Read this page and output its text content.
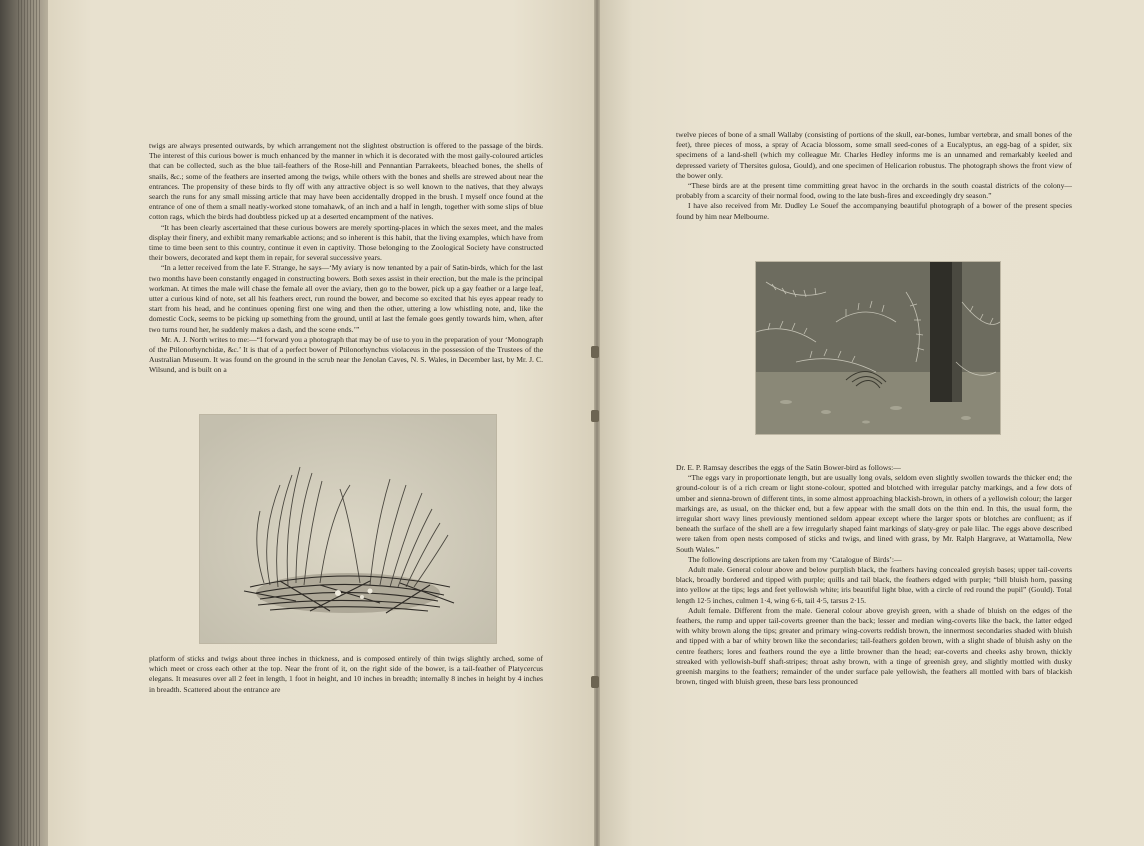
twigs are always presented outwards, by which arrangement not the slightest obstruction is offered to the passage of the birds. The interest of this curious bower is much enhanced by the manner in which it is decorated with the most gaily-coloured articles that can be collected, such as the blue tail-feathers of the Rose-hill and Pennantian Parrakeets, bleached bones, the shells of snails, &c.; some of the feathers are inserted among the twigs, while others with the bones and shells are strewed about near the entrances. The propensity of these birds to fly off with any attractive object is so well known to the natives, that they always search the runs for any small missing article that may have been accidentally dropped in the brush. I myself once found at the entrance of one of them a small neatly-worked stone tomahawk, of an inch and a half in length, together with some slips of blue cotton rags, which the birds had doubtless picked up at a deserted encampment of the natives.

“It has been clearly ascertained that these curious bowers are merely sporting-places in which the sexes meet, and the males display their finery, and exhibit many remarkable actions; and so inherent is this habit, that the living examples, which have from time to time been sent to this country, continue it even in captivity. Those belonging to the Zoological Society have constructed their bowers, decorated and kept them in repair, for several successive years.

“In a letter received from the late F. Strange, he says—‘My aviary is now tenanted by a pair of Satin-birds, which for the last two months have been constantly engaged in constructing bowers. Both sexes assist in their erection, but the male is the principal workman. At times the male will chase the female all over the aviary, then go to the bower, pick up a gay feather or a large leaf, utter a curious kind of note, set all his feathers erect, run round the bower, and become so excited that his eyes appear ready to start from his head, and he continues opening first one wing and then the other, uttering a low whistling note, and, like the domestic Cock, seems to be picking up something from the ground, until at last the female goes gently towards him, when, after two turns round her, he suddenly makes a dash, and the scene ends.’”

Mr. A. J. North writes to me:—“I forward you a photograph that may be of use to you in the preparation of your ‘Monograph of the Ptilonorhynchidæ, &c.’ It is that of a perfect bower of Ptilonorhynchus violaceus in the possession of the Trustees of the Australian Museum. It was found on the ground in the scrub near the Jenolan Caves, N. S. Wales, in December last, by Mr. J. C. Wilsund, and is built on a

platform of sticks and twigs about three inches in thickness, and is composed entirely of thin twigs slightly arched, some of which meet or cross each other at the top. Near the front of it, on the right side of the bower, is a tail-feather of Platycercus elegans. It measures over all 2 feet in length, 1 foot in height, and 10 inches in breadth; internally 8 inches in height by 4 inches in breadth. Scattered about the entrance are

twelve pieces of bone of a small Wallaby (consisting of portions of the skull, ear-bones, lumbar vertebræ, and small bones of the feet), three pieces of moss, a spray of Acacia blossom, some small seed-cones of a Eucalyptus, an egg-bag of a spider, six specimens of a land-shell (which my colleague Mr. Charles Hedley informs me is an unnamed and remarkably keeled and depressed variety of Thersites gulosa, Gould), and one specimen of Helicarion robustus. The photograph shows the front view of the bower only.

“These birds are at the present time committing great havoc in the orchards in the south coastal districts of the colony—probably from a scarcity of their normal food, owing to the late bush-fires and exceedingly dry season.”

I have also received from Mr. Dudley Le Souef the accompanying beautiful photograph of a bower of the present species found by him near Melbourne.

Dr. E. P. Ramsay describes the eggs of the Satin Bower-bird as follows:—

“The eggs vary in proportionate length, but are usually long ovals, seldom even slightly swollen towards the thicker end; the ground-colour is of a rich cream or light stone-colour, spotted and blotched with irregular patchy markings, and a few dots of umber and sienna-brown of different tints, in some almost approaching blackish-brown, in others of a yellowish colour; the larger markings are, as usual, on the thicker end, but a few appear with the small dots on the thin end. In this, the usual form, the irregular short wavy lines previously mentioned seldom appear except where the larger spots or blotches are confluent; as if beneath the surface of the shell are a few irregularly shaped faint markings of slaty-grey or pale lilac. The eggs above described were taken from open nests composed of sticks and twigs, and lined with grass, by Mr. Ralph Hargrave, at Wattamolla, New South Wales.”

The following descriptions are taken from my ‘Catalogue of Birds’:—

Adult male. General colour above and below purplish black, the feathers having concealed greyish bases; upper tail-coverts black, broadly bordered and tipped with purple; quills and tail black, the feathers edged with purple; “bill bluish horn, passing into yellow at the tips; legs and feet yellowish white; iris beautiful light blue, with a circle of red round the pupil” (Gould). Total length 12·5 inches, culmen 1·4, wing 6·6, tail 4·5, tarsus 2·15.

Adult female. Different from the male. General colour above greyish green, with a shade of bluish on the edges of the feathers, the rump and upper tail-coverts greener than the back; lesser and median wing-coverts like the back, the latter edged with whity brown along the tips; greater and primary wing-coverts reddish brown, the innermost secondaries shaded with bluish and tipped with a bar of whity brown like the secondaries; tail-feathers golden brown, with a slight shade of bluish ashy on the centre feathers; lores and feathers round the eye a little browner than the head; ear-coverts and cheeks ashy brown, thickly streaked with yellowish-buff shaft-stripes; throat ashy brown, with a tinge of greenish grey, and slightly mottled with dusky greenish margins to the feathers; remainder of the under surface pale yellowish, the feathers all mottled with bars of blackish brown, tinged with bluish green, these bars less pronounced
